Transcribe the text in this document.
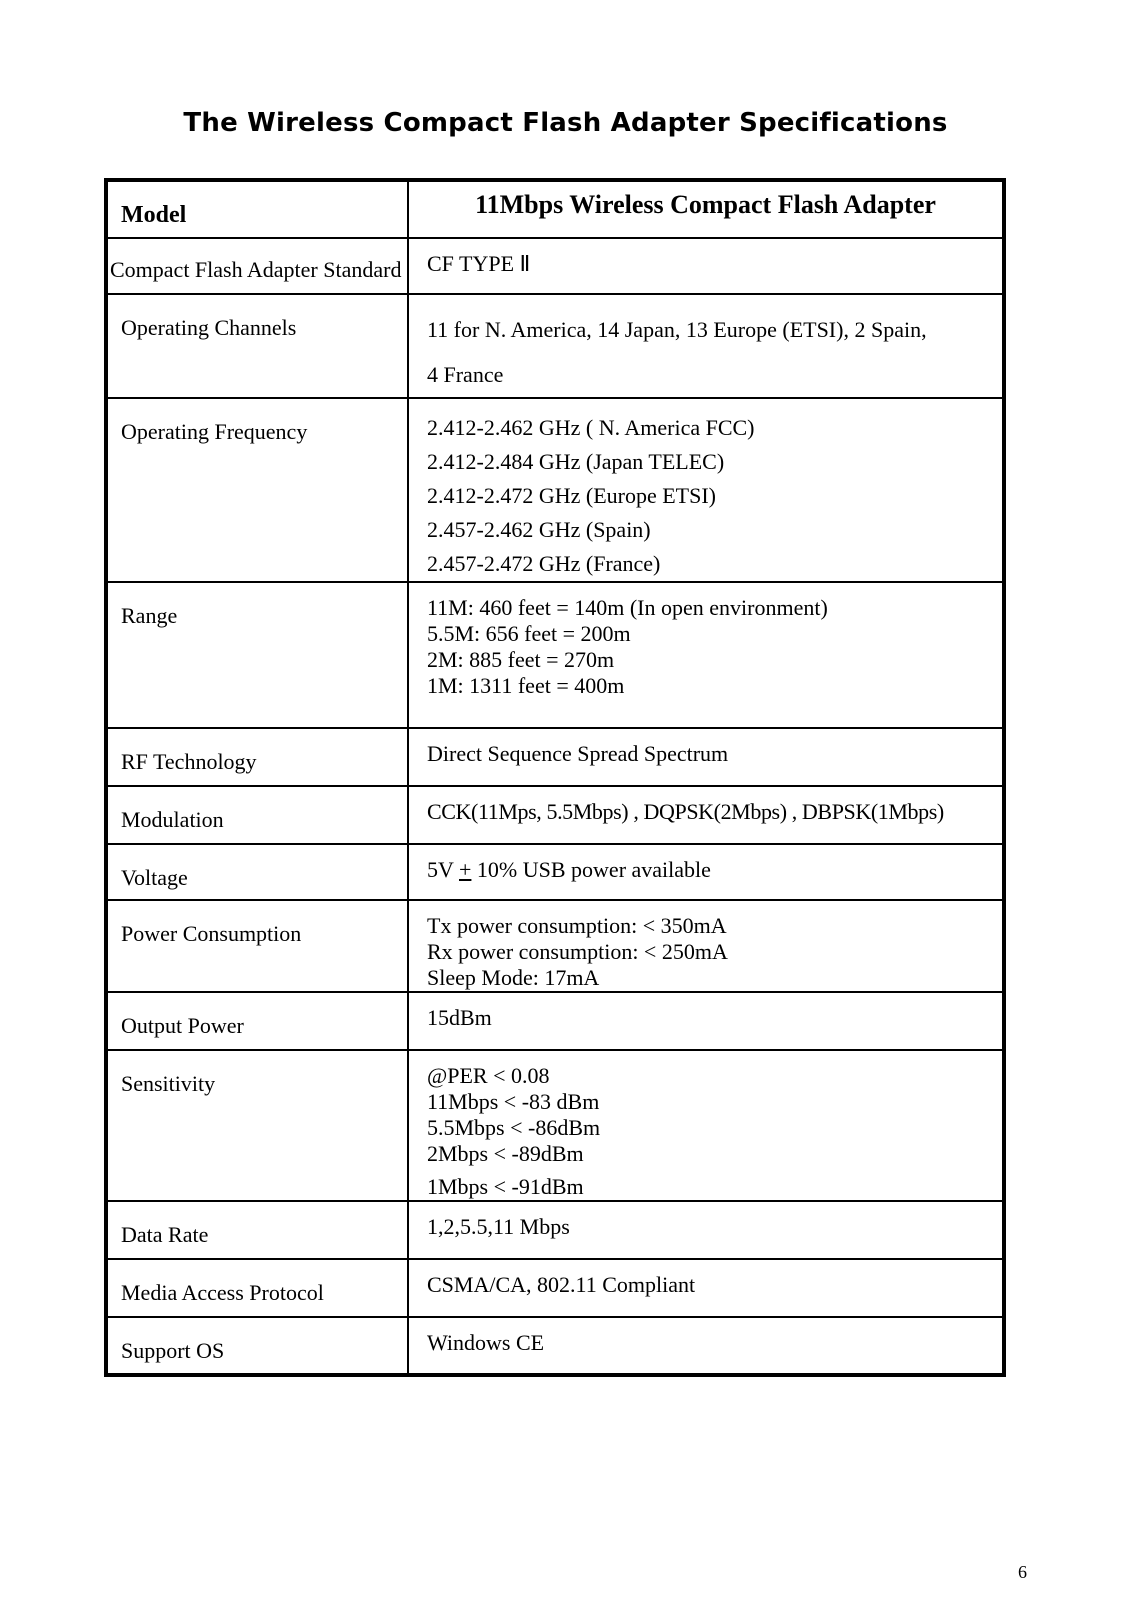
The Wireless Compact Flash Adapter Specifications
Model	11Mbps Wireless Compact Flash Adapter
Compact Flash Adapter Standard	CF TYPE Ⅱ

Operating Channels	11 for N. America, 14 Japan, 13 Europe (ETSI), 2 Spain,
4 France

Operating Frequency	2.412-2.462 GHz ( N. America FCC)
2.412-2.484 GHz (Japan TELEC)
2.412-2.472 GHz (Europe ETSI)
2.457-2.462 GHz (Spain)
2.457-2.472 GHz (France)

Range	11M: 460 feet = 140m (In open environment)
5.5M: 656 feet = 200m
2M: 885 feet = 270m
1M: 1311 feet = 400m

RF Technology	Direct Sequence Spread Spectrum

Modulation	CCK(11Mps, 5.5Mbps) , DQPSK(2Mbps) , DBPSK(1Mbps)

Voltage	5V + 10% USB power available

Power Consumption	Tx power consumption: < 350mA
Rx power consumption: < 250mA
Sleep Mode: 17mA

Output Power	15dBm

Sensitivity	@PER < 0.08
11Mbps < -83 dBm
5.5Mbps < -86dBm
2Mbps < -89dBm
1Mbps < -91dBm

Data Rate	1,2,5.5,11 Mbps

Media Access Protocol	CSMA/CA, 802.11 Compliant

Support OS	Windows CE
6
